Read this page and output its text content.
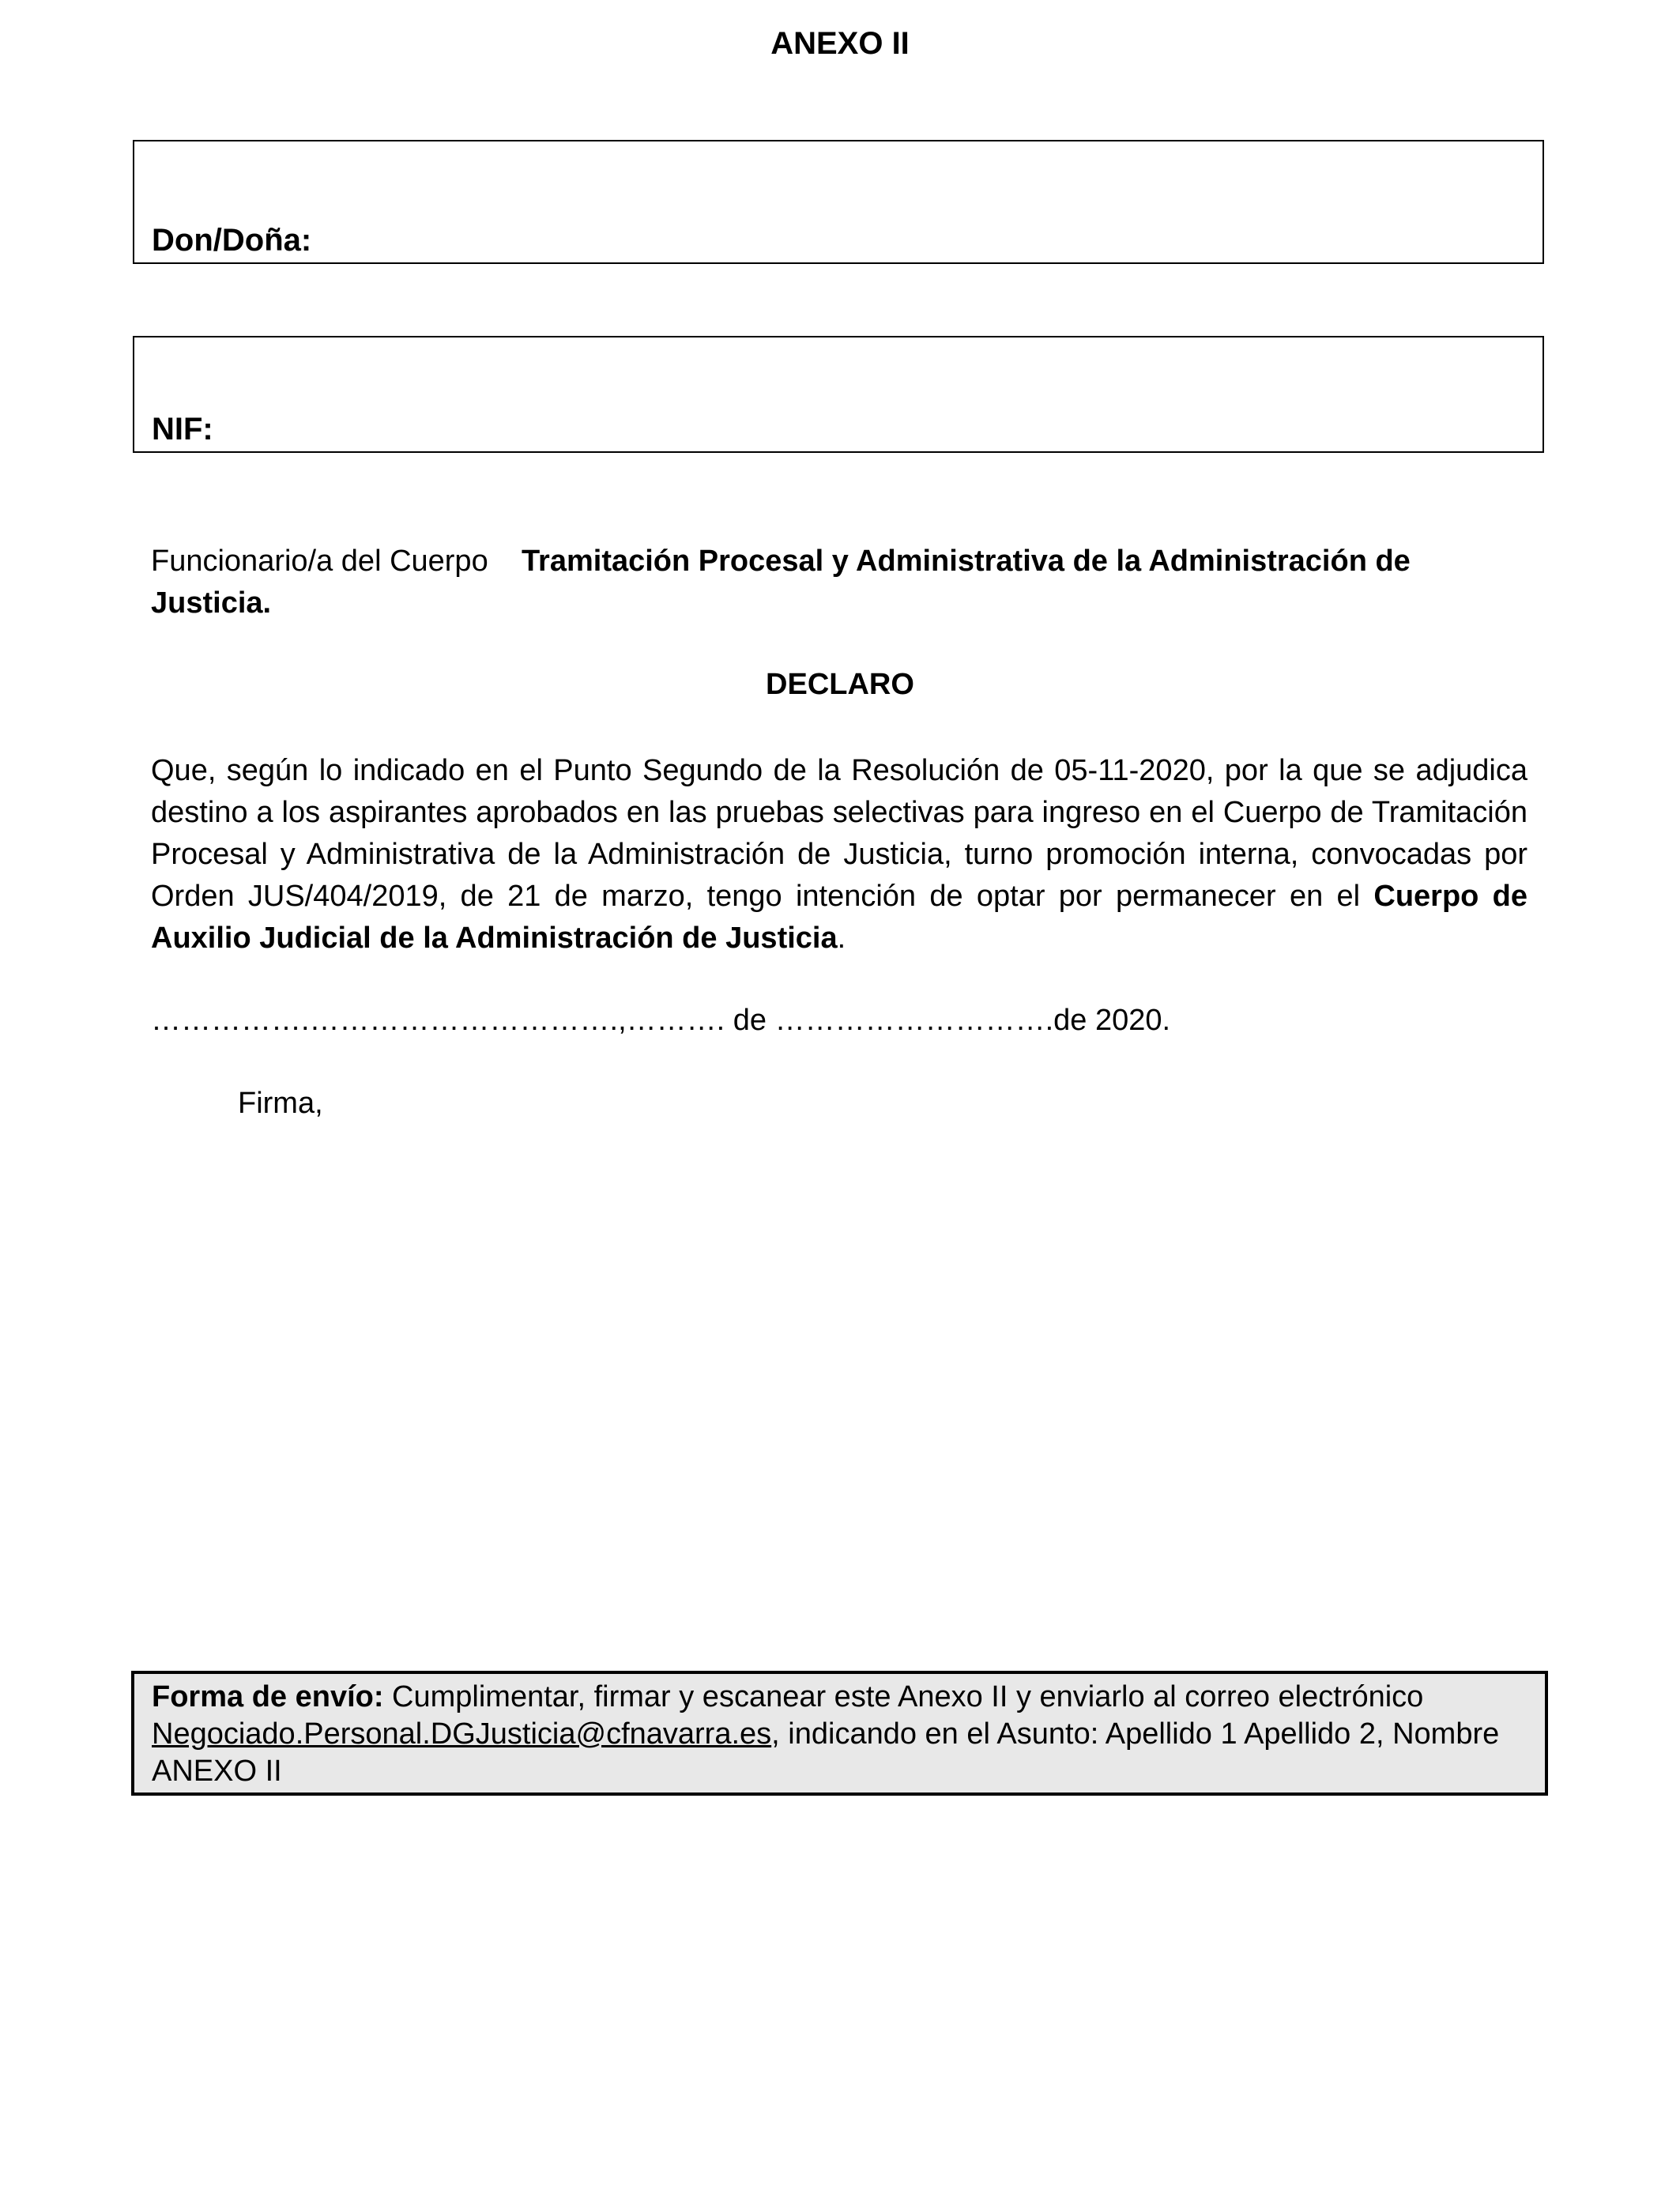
ANEXO II
Don/Doña:
NIF:
Funcionario/a del Cuerpo Tramitación Procesal y Administrativa de la Administración de Justicia.
DECLARO
Que, según lo indicado en el Punto Segundo de la Resolución de 05-11-2020, por la que se adjudica destino a los aspirantes aprobados en las pruebas selectivas para ingreso en el Cuerpo de Tramitación Procesal y Administrativa de la Administración de Justicia, turno promoción interna, convocadas por Orden JUS/404/2019, de 21 de marzo, tengo intención de optar por permanecer en el Cuerpo de Auxilio Judicial de la Administración de Justicia.
…………….………………………….,………. de ……………………….de 2020.
Firma,
Forma de envío: Cumplimentar, firmar y escanear este Anexo II y enviarlo al correo electrónico Negociado.Personal.DGJusticia@cfnavarra.es, indicando en el Asunto: Apellido 1 Apellido 2, Nombre ANEXO II
